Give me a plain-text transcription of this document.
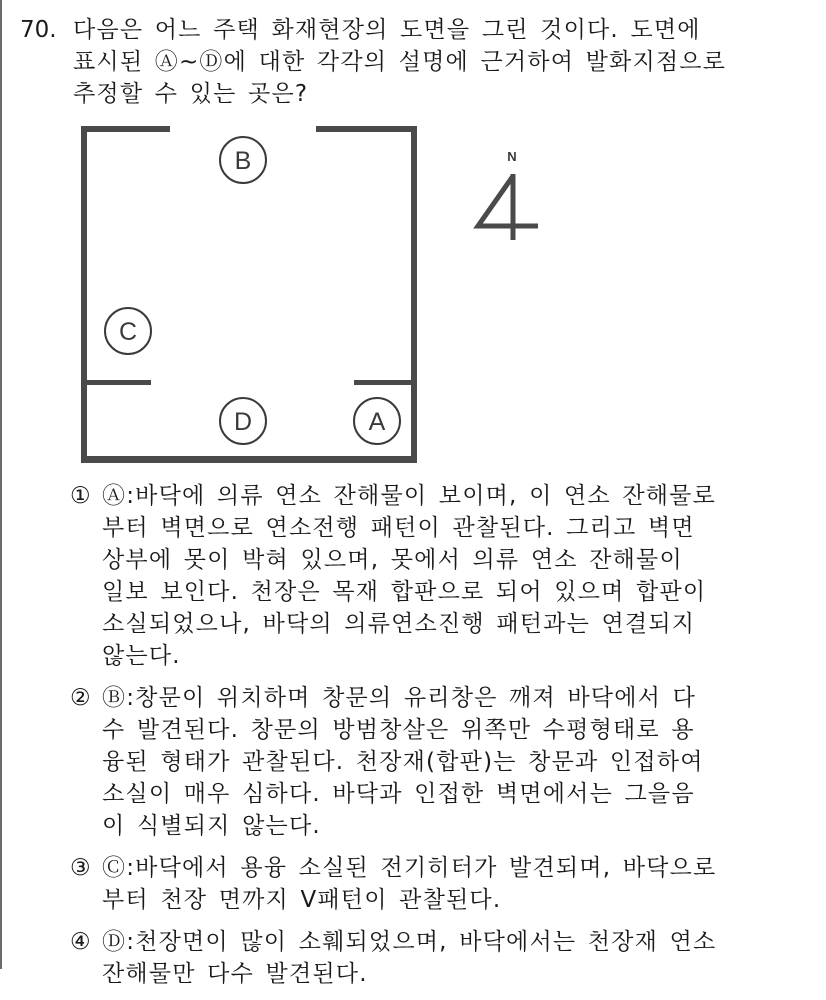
70. 다음은 어느 주택 화재현장의 도면을 그린 것이다. 도면에
표시된 Ⓐ~Ⓓ에 대한 각각의 설명에 근거하여 발화지점으로
추정할 수 있는 곳은?
B
C
D	A
N
① Ⓐ:바닥에 의류 연소 잔해물이 보이며, 이 연소 잔해물로
부터 벽면으로 연소전행 패턴이 관찰된다. 그리고 벽면
상부에 못이 박혀 있으며, 못에서 의류 연소 잔해물이
일보 보인다. 천장은 목재 합판으로 되어 있으며 합판이
소실되었으나, 바닥의 의류연소진행 패턴과는 연결되지
않는다.
② Ⓑ:창문이 위치하며 창문의 유리창은 깨져 바닥에서 다
수 발견된다. 창문의 방범창살은 위쪽만 수평형태로 용
융된 형태가 관찰된다. 천장재(합판)는 창문과 인접하여
소실이 매우 심하다. 바닥과 인접한 벽면에서는 그을음
이 식별되지 않는다.
③ Ⓒ:바닥에서 용융 소실된 전기히터가 발견되며, 바닥으로
부터 천장 면까지 V패턴이 관찰된다.
④ Ⓓ:천장면이 많이 소훼되었으며, 바닥에서는 천장재 연소
잔해물만 다수 발견된다.
